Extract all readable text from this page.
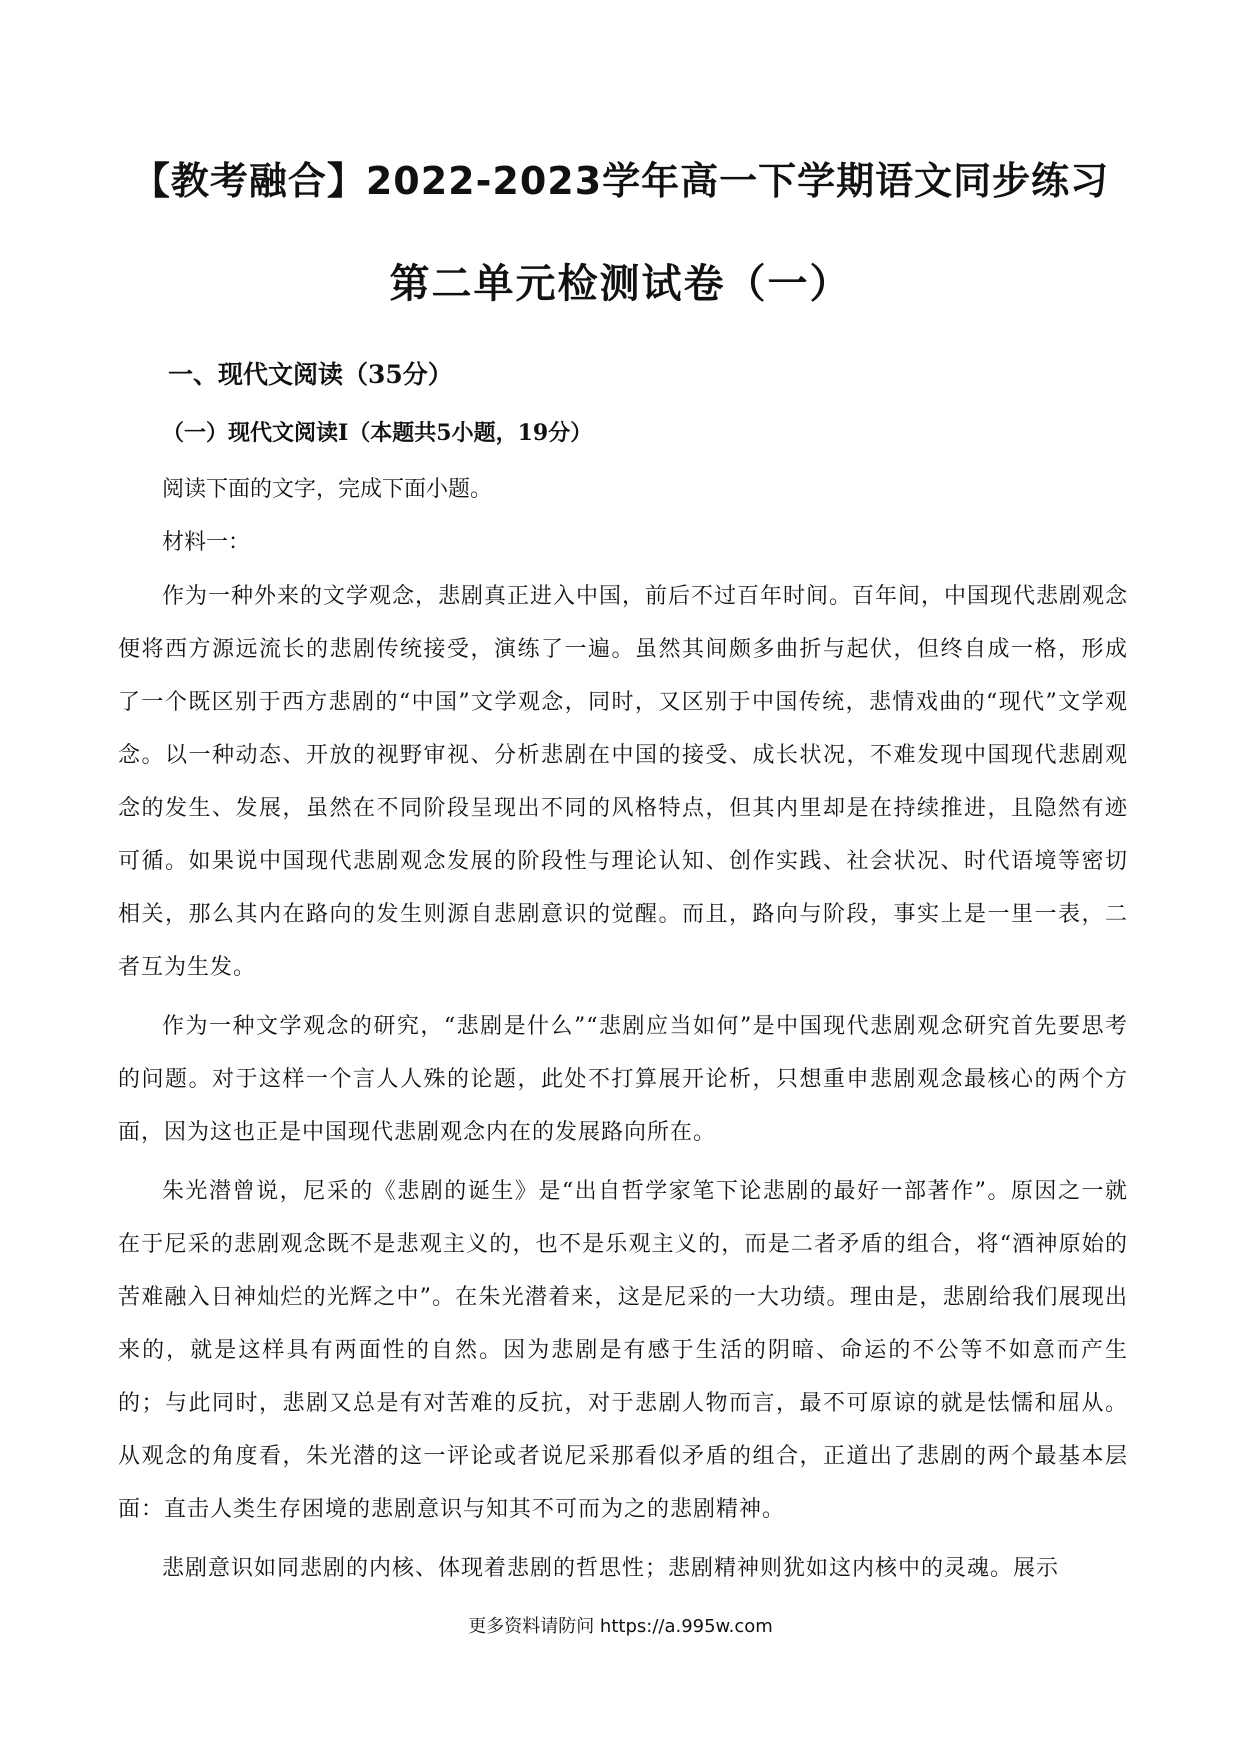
【教考融合】2022-2023学年高一下学期语文同步练习
第二单元检测试卷（一）
一、现代文阅读（35分）
（一）现代文阅读Ⅰ（本题共5小题，19分）
阅读下面的文字，完成下面小题。
材料一：

作为一种外来的文学观念，悲剧真正进入中国，前后不过百年时间。百年间，中国现代悲剧观念便将西方源远流长的悲剧传统接受，演练了一遍。虽然其间颇多曲折与起伏，但终自成一格，形成了一个既区别于西方悲剧的“中国”文学观念，同时，又区别于中国传统，悲情戏曲的“现代”文学观念。以一种动态、开放的视野审视、分析悲剧在中国的接受、成长状况，不难发现中国现代悲剧观念的发生、发展，虽然在不同阶段呈现出不同的风格特点，但其内里却是在持续推进，且隐然有迹可循。如果说中国现代悲剧观念发展的阶段性与理论认知、创作实践、社会状况、时代语境等密切相关，那么其内在路向的发生则源自悲剧意识的觉醒。而且，路向与阶段，事实上是一里一表，二者互为生发。

作为一种文学观念的研究，“悲剧是什么”“悲剧应当如何”是中国现代悲剧观念研究首先要思考的问题。对于这样一个言人人殊的论题，此处不打算展开论析，只想重申悲剧观念最核心的两个方面，因为这也正是中国现代悲剧观念内在的发展路向所在。

朱光潜曾说，尼采的《悲剧的诞生》是“出自哲学家笔下论悲剧的最好一部著作”。原因之一就在于尼采的悲剧观念既不是悲观主义的，也不是乐观主义的，而是二者矛盾的组合，将“酒神原始的苦难融入日神灿烂的光辉之中”。在朱光潜着来，这是尼采的一大功绩。理由是，悲剧给我们展现出来的，就是这样具有两面性的自然。因为悲剧是有感于生活的阴暗、命运的不公等不如意而产生的；与此同时，悲剧又总是有对苦难的反抗，对于悲剧人物而言，最不可原谅的就是怯懦和屈从。从观念的角度看，朱光潜的这一评论或者说尼采那看似矛盾的组合，正道出了悲剧的两个最基本层面：直击人类生存困境的悲剧意识与知其不可而为之的悲剧精神。

悲剧意识如同悲剧的内核、体现着悲剧的哲思性；悲剧精神则犹如这内核中的灵魂。展示

更多资料请防问 https://a.995w.com
